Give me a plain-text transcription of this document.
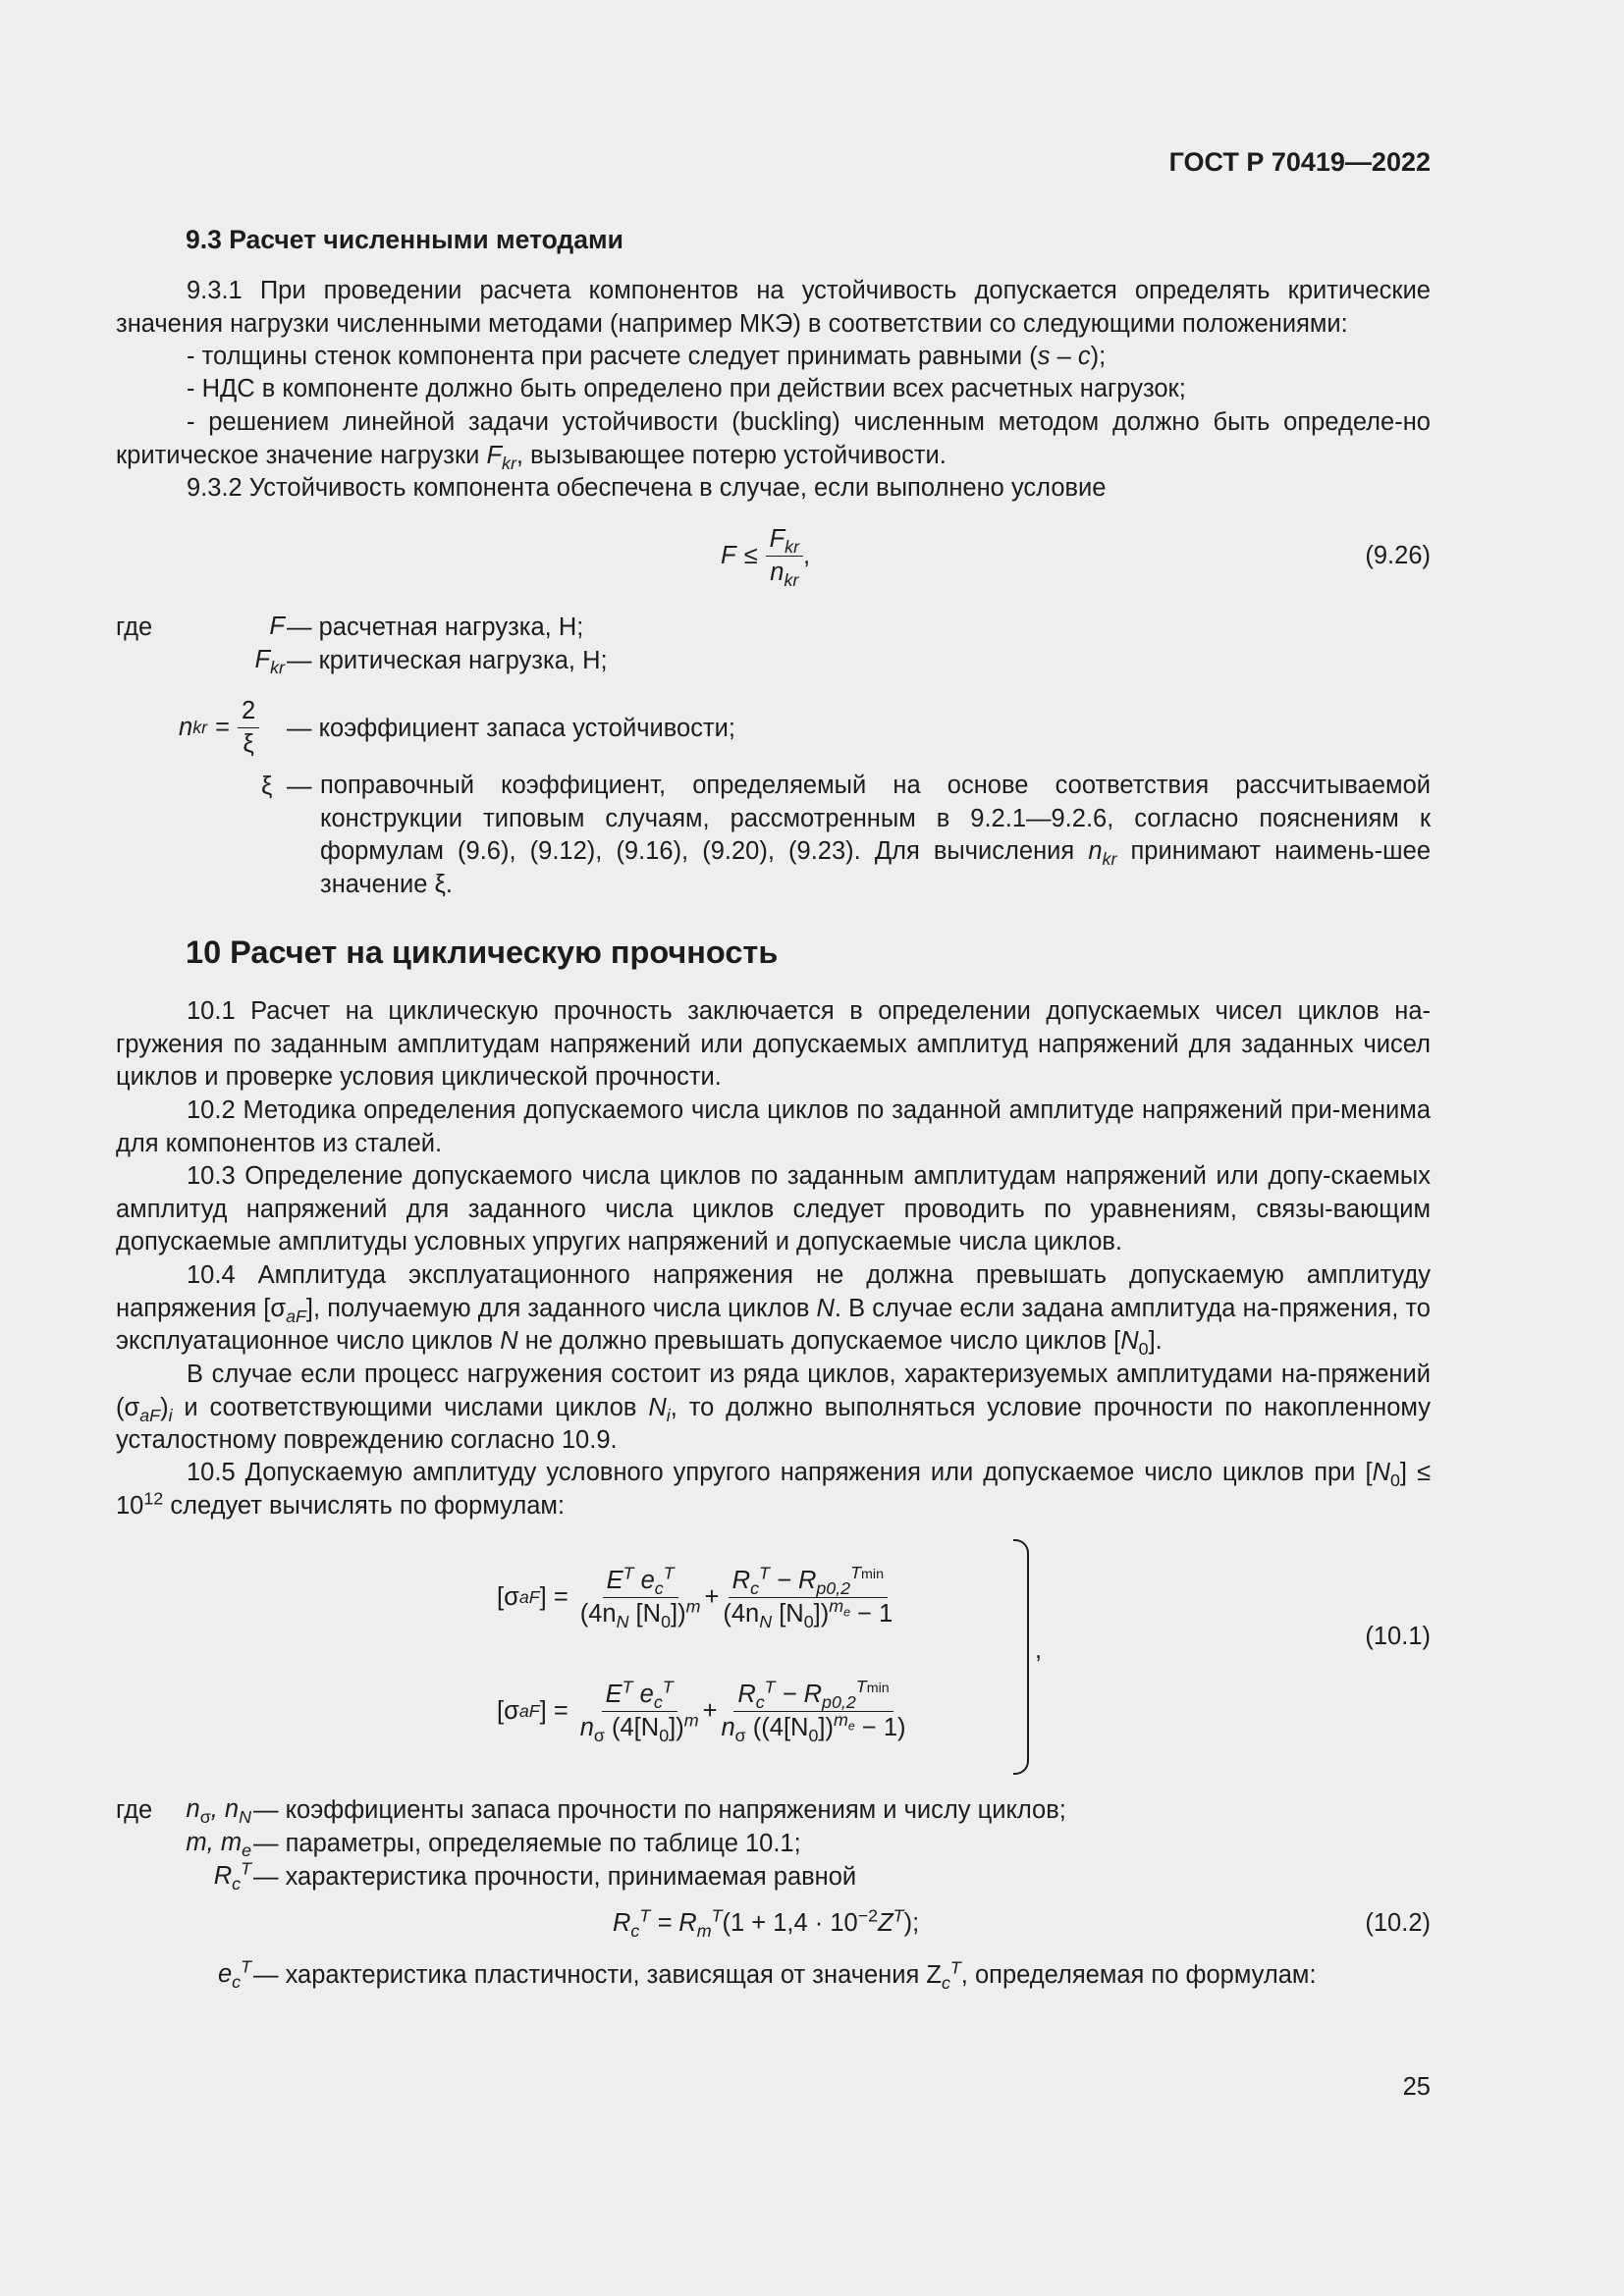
ГОСТ Р 70419—2022
9.3 Расчет численными методами
9.3.1 При проведении расчета компонентов на устойчивость допускается определять критические значения нагрузки численными методами (например МКЭ) в соответствии со следующими положениями:
- толщины стенок компонента при расчете следует принимать равными (s – c);
- НДС в компоненте должно быть определено при действии всех расчетных нагрузок;
- решением линейной задачи устойчивости (buckling) численным методом должно быть определе-но критическое значение нагрузки $F_{kr}$, вызывающее потерю устойчивости.
9.3.2 Устойчивость компонента обеспечена в случае, если выполнено условие
$F \le \frac{F_{kr}}{n_{kr}}$ ,	(9.26)
где	F — расчетная нагрузка, Н;
$F_{kr}$ — критическая нагрузка, Н;
n kr = $\frac{2}{\xi}$ — коэффициент запаса устойчивости;
ξ — поправочный коэффициент, определяемый на основе соответствия рассчитываемой конструкции типовым случаям, рассмотренным в 9.2.1—9.2.6, согласно пояснениям к формулам (9.6), (9.12), (9.16), (9.20), (9.23). Для вычисления $n_{kr}$ принимают наимень-шее значение ξ.
10 Расчет на циклическую прочность
10.1 Расчет на циклическую прочность заключается в определении допускаемых чисел циклов на-гружения по заданным амплитудам напряжений или допускаемых амплитуд напряжений для заданных чисел циклов и проверке условия циклической прочности.
10.2 Методика определения допускаемого числа циклов по заданной амплитуде напряжений при-менима для компонентов из сталей.
10.3 Определение допускаемого числа циклов по заданным амплитудам напряжений или допу-скаемых амплитуд напряжений для заданного числа циклов следует проводить по уравнениям, связы-вающим допускаемые амплитуды условных упругих напряжений и допускаемые числа циклов.
10.4 Амплитуда эксплуатационного напряжения не должна превышать допускаемую амплитуду напряжения $[\sigma_{aF}]$, получаемую для заданного числа циклов N. В случае если задана амплитуда на-пряжения, то эксплуатационное число циклов N не должно превышать допускаемое число циклов $[N_0]$.
В случае если процесс нагружения состоит из ряда циклов, характеризуемых амплитудами на-пряжений $(\sigma_{aF})_i$ и соответствующими числами циклов $N_i$, то должно выполняться условие прочности по накопленному усталостному повреждению согласно 10.9.
10.5 Допускаемую амплитуду условного упругого напряжения или допускаемое число циклов при $[N_0] \le 10^{12}$ следует вычислять по формулам:
[σ aF ] = $\frac{E^T e_c^T}{(4n_N [N_0])^m} + \frac{R_c^T - R_{p0,2}^{Tmin}}{(4n_N [N_0])^{m_e} - 1}$
[σ aF ] = $\frac{E^T e_c^T}{n_\sigma (4[N_0])^m} + \frac{R_c^T - R_{p0,2}^{Tmin}}{n_\sigma ((4[N_0])^{m_e} - 1)}$
,	(10.1)
где $n_\sigma$, $n_N$ — коэффициенты запаса прочности по напряжениям и числу циклов;
m, $m_e$ — параметры, определяемые по таблице 10.1;
$R_c^T$ — характеристика прочности, принимаемая равной
$R_c^T = R_m^T(1 + 1,4 \cdot 10^{-2}Z^T)$;	(10.2)
$e_c^T$ — характеристика пластичности, зависящая от значения $Z_c^T$, определяемая по формулам:
25
